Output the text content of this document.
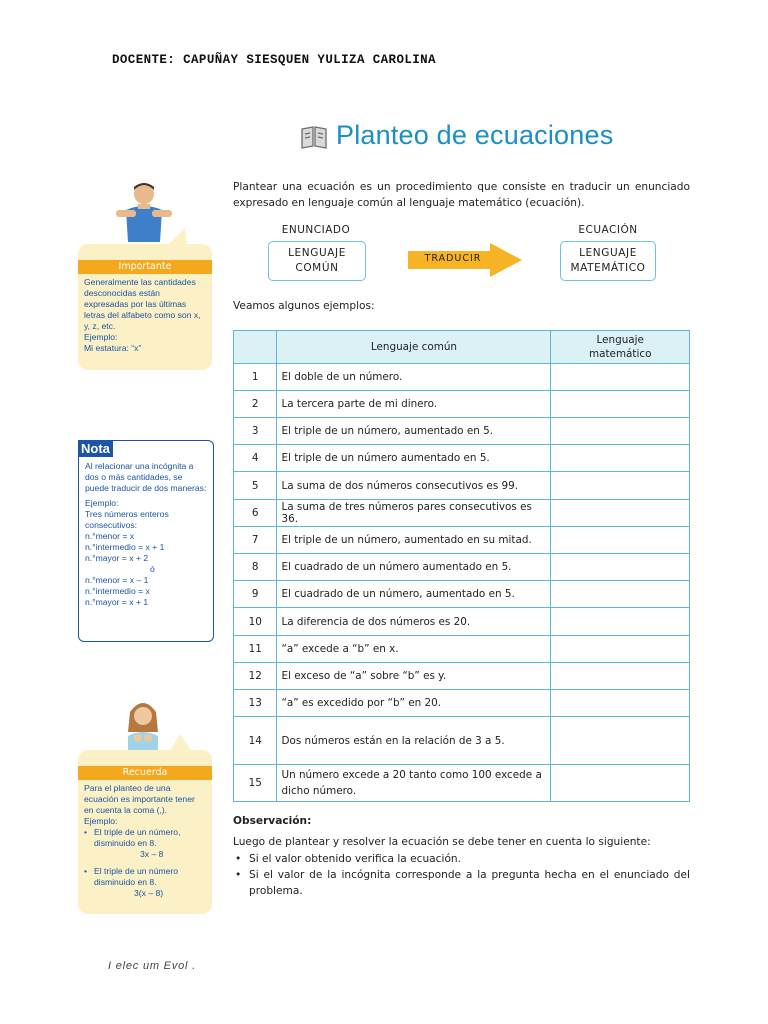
DOCENTE: CAPUÑAY SIESQUEN YULIZA CAROLINA
Planteo de ecuaciones
Plantear una ecuación es un procedimiento que consiste en traducir un enunciado expresado en lenguaje común al lenguaje matemático (ecuación).
ENUNCIADO
LENGUAJE
COMÚN
TRADUCIR
ECUACIÓN
LENGUAJE
MATEMÁTICO
Veamos algunos ejemplos:
	Lenguaje común	Lenguaje
matemático
1	El doble de un número.	
2	La tercera parte de mi dinero.	
3	El triple de un número, aumentado en 5.	
4	El triple de un número aumentado en 5.	
5	La suma de dos números consecutivos es 99.	
6	La suma de tres números pares consecutivos es 36.	
7	El triple de un número, aumentado en su mitad.	
8	El cuadrado de un número aumentado en 5.	
9	El cuadrado de un número, aumentado en 5.	
10	La diferencia de dos números es 20.	
11	“a” excede a “b” en x.	
12	El exceso de “a” sobre “b” es y.	
13	“a” es excedido por “b” en 20.	
14	Dos números están en la relación de 3 a 5.	
15	Un número excede a 20 tanto como 100 excede a dicho número.	
Observación:
Luego de plantear y resolver la ecuación se debe tener en cuenta lo siguiente:
• Si el valor obtenido verifica la ecuación.
• Si el valor de la incógnita corresponde a la pregunta hecha en el enunciado del problema.
Importante
Generalmente las cantidades desconocidas están expresadas por las últimas letras del alfabeto como son x, y, z, etc.
Ejemplo:
Mi estatura: “x”
Al relacionar una incógnita a dos o más cantidades, se puede traducir de dos maneras:
Ejemplo:
Tres números enteros consecutivos:
n.°menor = x
n.°intermedio = x + 1
n.°mayor = x + 2
ó
n.°menor = x – 1
n.°intermedio = x
n.°mayor = x + 1
Nota
Recuerda
Para el planteo de una ecuación es importante tener en cuenta la coma (,).
Ejemplo:
• El triple de un número, disminuido en 8.
3x – 8
• El triple de un número disminuido en 8.
3(x – 8)
I elec um Evol .
